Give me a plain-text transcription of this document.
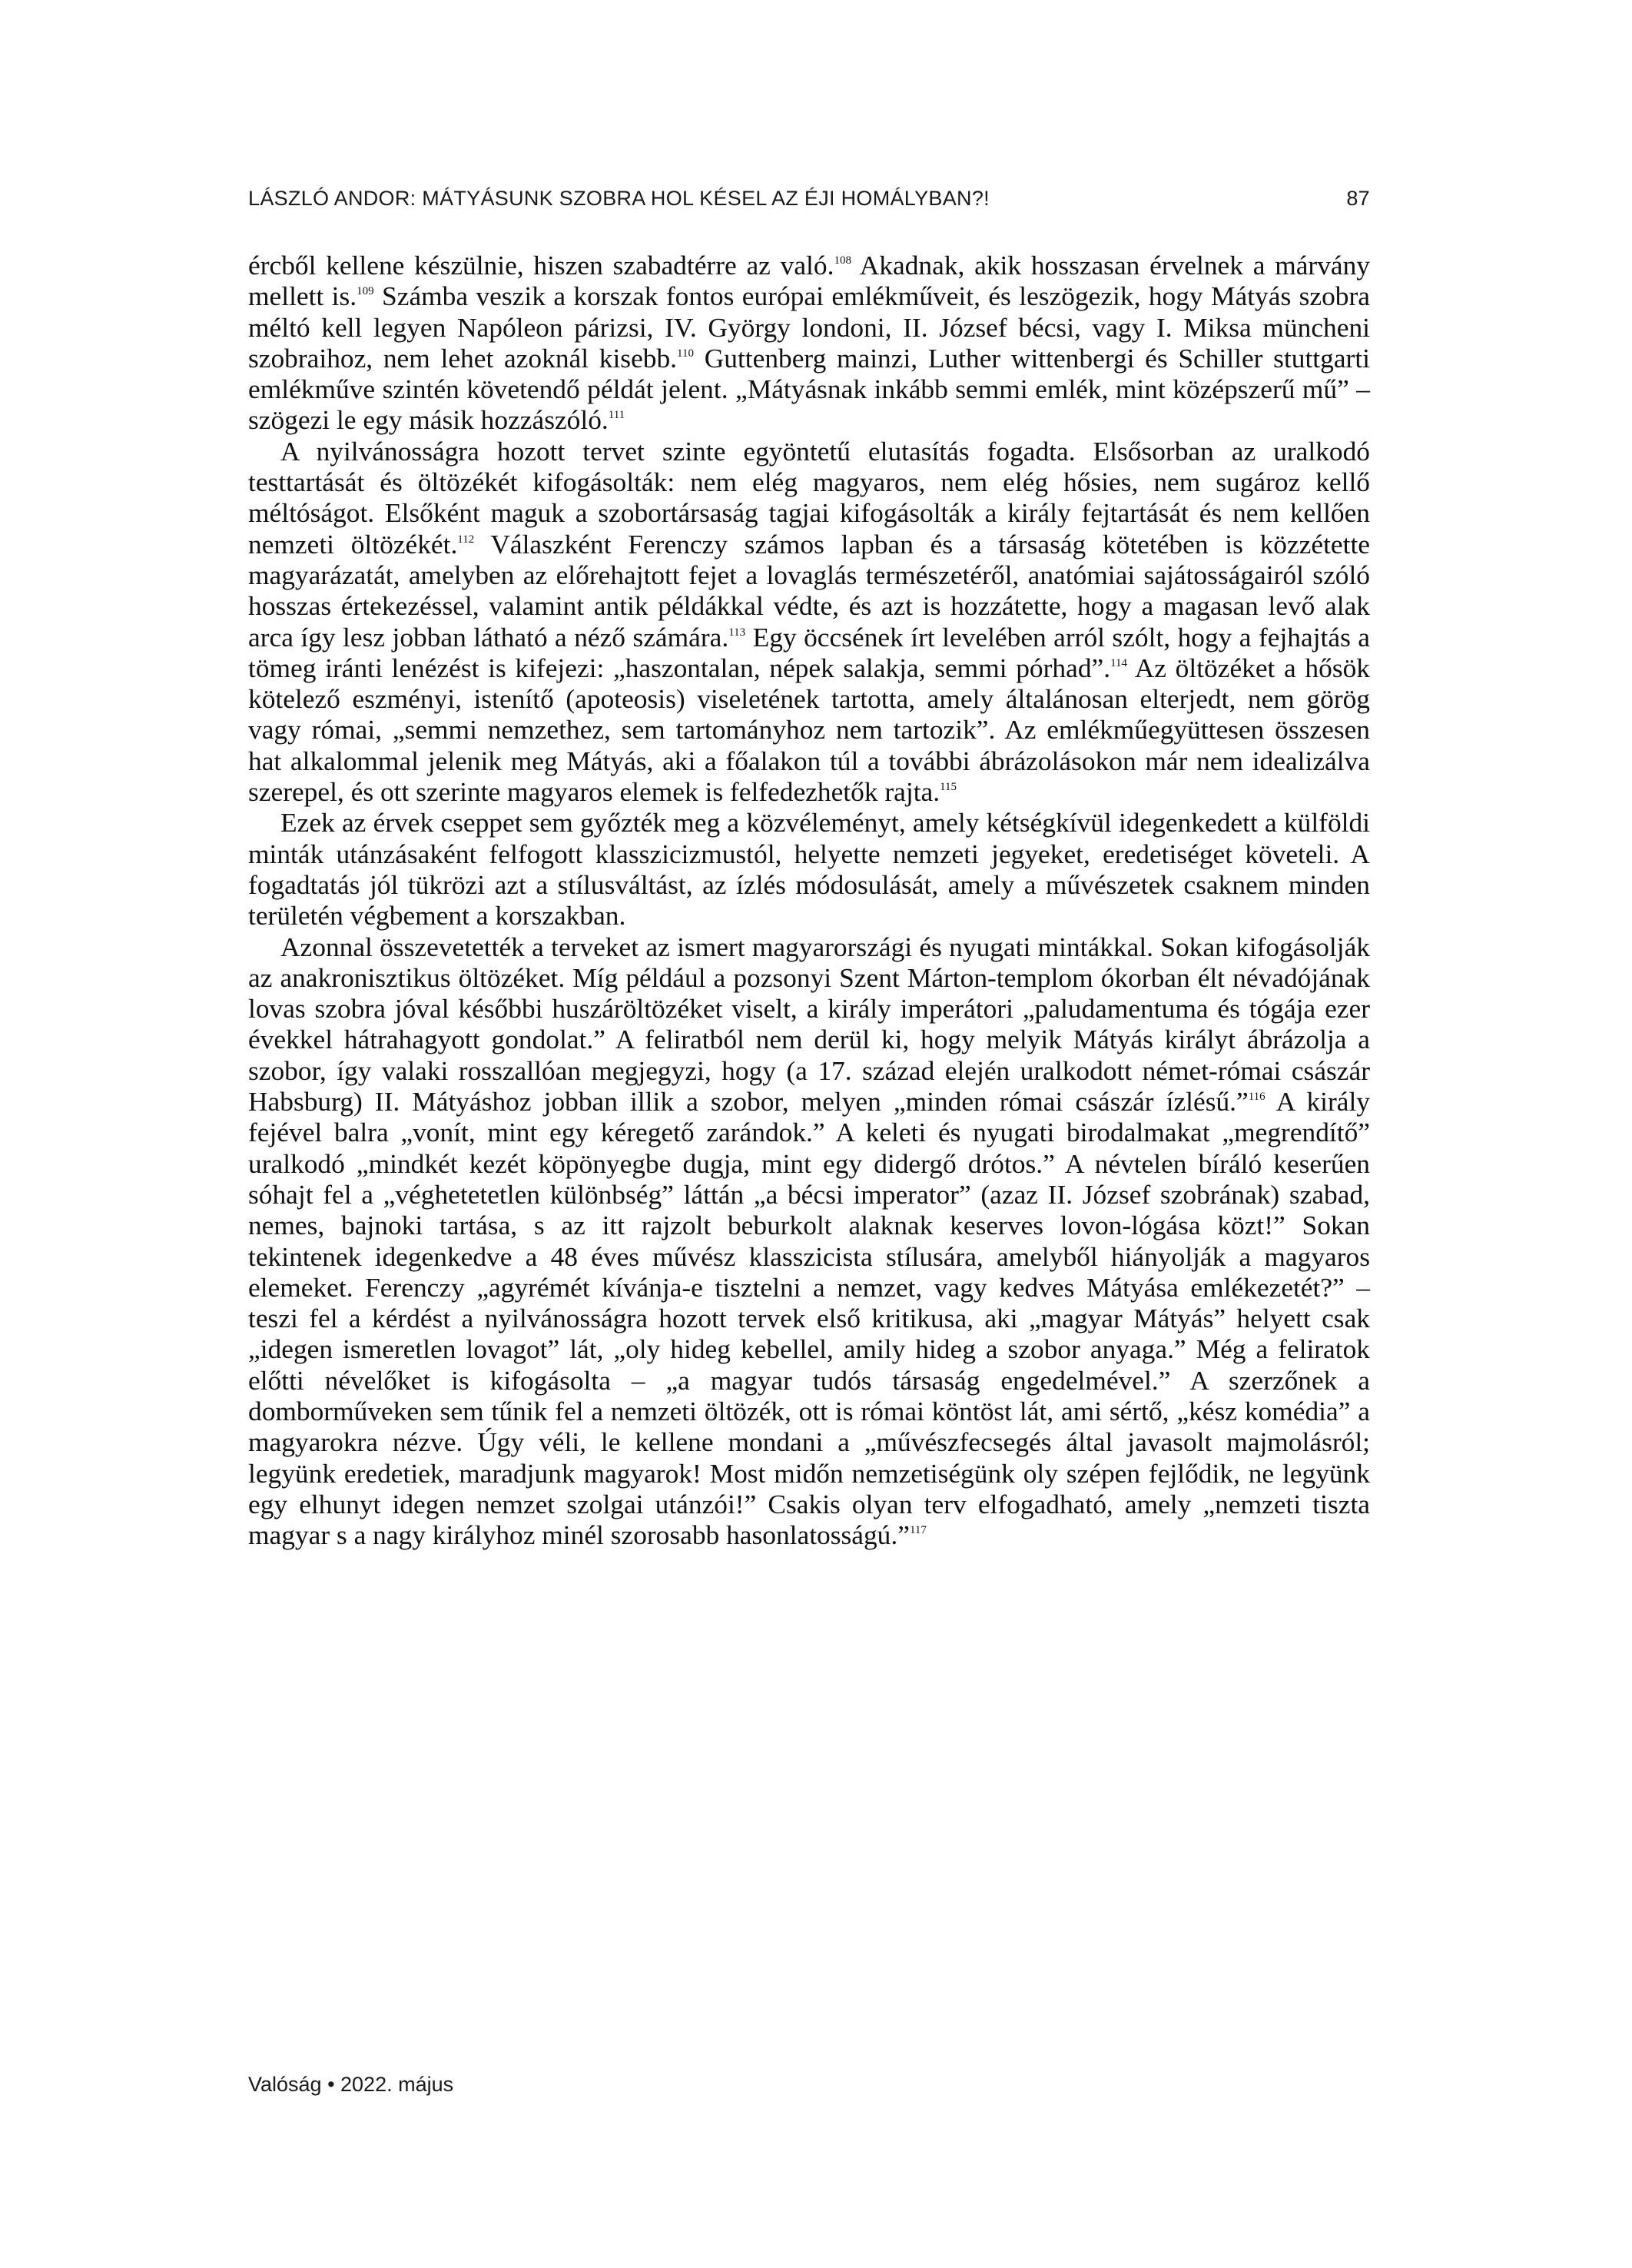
LÁSZLÓ ANDOR: MÁTYÁSUNK SZOBRA HOL KÉSEL AZ ÉJI HOMÁLYBAN?!	87

ércből kellene készülnie, hiszen szabadtérre az való.$^{108}$ Akadnak, akik hosszasan érvelnek a márvány mellett is.$^{109}$ Számba veszik a korszak fontos európai emlékműveit, és leszögezik, hogy Mátyás szobra méltó kell legyen Napóleon párizsi, IV. György londoni, II. József bécsi, vagy I. Miksa müncheni szobraihoz, nem lehet azoknál kisebb.$^{110}$ Guttenberg mainzi, Luther wittenbergi és Schiller stuttgarti emlékműve szintén követendő példát jelent. „Mátyásnak inkább semmi emlék, mint középszerű mű” – szögezi le egy másik hozzászóló.$^{111}$

A nyilvánosságra hozott tervet szinte egyöntetű elutasítás fogadta. Elsősorban az uralkodó testtartását és öltözékét kifogásolták: nem elég magyaros, nem elég hősies, nem sugároz kellő méltóságot. Elsőként maguk a szobortársaság tagjai kifogásolták a király fejtartását és nem kellően nemzeti öltözékét.$^{112}$ Válaszként Ferenczy számos lapban és a társaság kötetében is közzétette magyarázatát, amelyben az előrehajtott fejet a lovaglás természetéről, anatómiai sajátosságairól szóló hosszas értekezéssel, valamint antik példákkal védte, és azt is hozzátette, hogy a magasan levő alak arca így lesz jobban látható a néző számára.$^{113}$ Egy öccsének írt levelében arról szólt, hogy a fejhajtás a tömeg iránti lenézést is kifejezi: „haszontalan, népek salakja, semmi pórhad”.$^{114}$ Az öltözéket a hősök kötelező eszményi, istenítő (apoteosis) viseletének tartotta, amely általánosan elterjedt, nem görög vagy római, „semmi nemzethez, sem tartományhoz nem tartozik”. Az emlékműegyüttesen összesen hat alkalommal jelenik meg Mátyás, aki a főalakon túl a további ábrázolásokon már nem idealizálva szerepel, és ott szerinte magyaros elemek is felfedezhetők rajta.$^{115}$

Ezek az érvek cseppet sem győzték meg a közvéleményt, amely kétségkívül idegenkedett a külföldi minták utánzásaként felfogott klasszicizmustól, helyette nemzeti jegyeket, eredetiséget követeli. A fogadtatás jól tükrözi azt a stílusváltást, az ízlés módosulását, amely a művészetek csaknem minden területén végbement a korszakban.

Azonnal összevetették a terveket az ismert magyarországi és nyugati mintákkal. Sokan kifogásolják az anakronisztikus öltözéket. Míg például a pozsonyi Szent Márton-templom ókorban élt névadójának lovas szobra jóval későbbi huszáröltözéket viselt, a király imperátori „paludamentuma és tógája ezer évekkel hátrahagyott gondolat.” A feliratból nem derül ki, hogy melyik Mátyás királyt ábrázolja a szobor, így valaki rosszallóan megjegyzi, hogy (a 17. század elején uralkodott német-római császár Habsburg) II. Mátyáshoz jobban illik a szobor, melyen „minden római császár ízlésű.”$^{116}$ A király fejével balra „vonít, mint egy kéregető zarándok.” A keleti és nyugati birodalmakat „megrendítő” uralkodó „mindkét kezét köpönyegbe dugja, mint egy didergő drótos.” A névtelen bíráló keserűen sóhajt fel a „véghetetetlen különbség” láttán „a bécsi imperator” (azaz II. József szobrának) szabad, nemes, bajnoki tartása, s az itt rajzolt beburkolt alaknak keserves lovon-lógása közt!” Sokan tekintenek idegenkedve a 48 éves művész klasszicista stílusára, amelyből hiányolják a magyaros elemeket. Ferenczy „agyrémét kívánja-e tisztelni a nemzet, vagy kedves Mátyása emlékezetét?” – teszi fel a kérdést a nyilvánosságra hozott tervek első kritikusa, aki „magyar Mátyás” helyett csak „idegen ismeretlen lovagot” lát, „oly hideg kebellel, amily hideg a szobor anyaga.” Még a feliratok előtti névelőket is kifogásolta – „a magyar tudós társaság engedelmével.” A szerzőnek a domborműveken sem tűnik fel a nemzeti öltözék, ott is római köntöst lát, ami sértő, „kész komédia” a magyarokra nézve. Úgy véli, le kellene mondani a „művészfecsegés által javasolt majmolásról; legyünk eredetiek, maradjunk magyarok! Most midőn nemzetiségünk oly szépen fejlődik, ne legyünk egy elhunyt idegen nemzet szolgai utánzói!” Csakis olyan terv elfogadható, amely „nemzeti tiszta magyar s a nagy királyhoz minél szorosabb hasonlatosságú.”$^{117}$

Valóság • 2022. május
